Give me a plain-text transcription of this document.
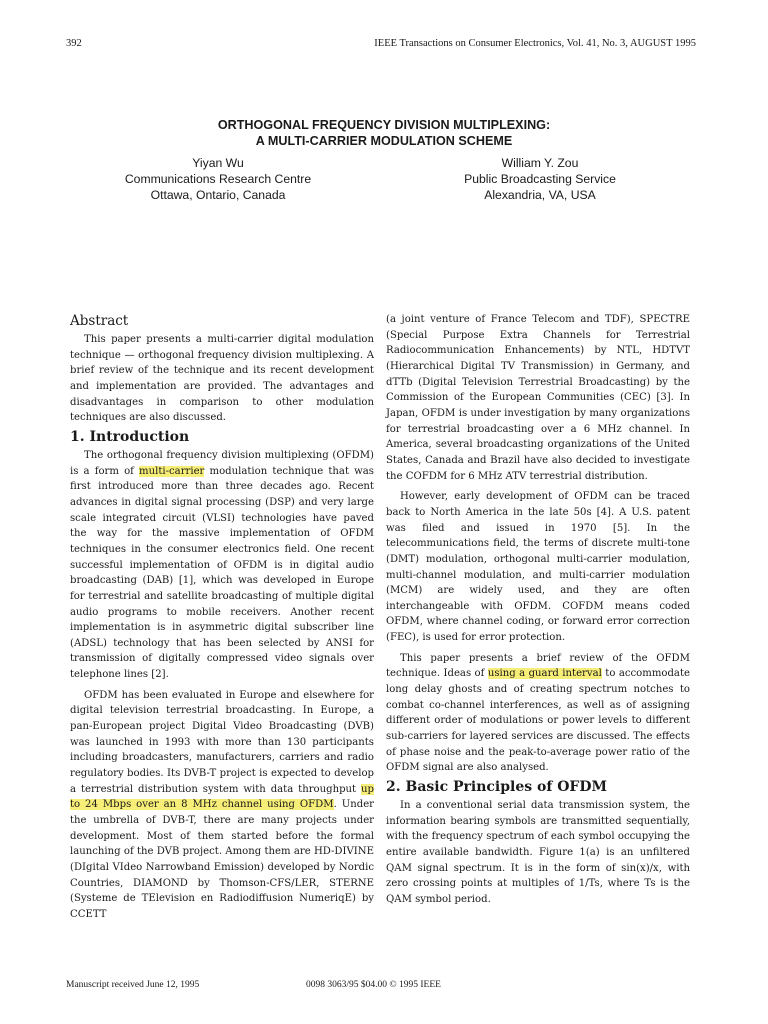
392	IEEE Transactions on Consumer Electronics, Vol. 41, No. 3, AUGUST 1995
ORTHOGONAL FREQUENCY DIVISION MULTIPLEXING:
A MULTI-CARRIER MODULATION SCHEME
Yiyan Wu
Communications Research Centre
Ottawa, Ontario, Canada
William Y. Zou
Public Broadcasting Service
Alexandria, VA, USA
Abstract

This paper presents a multi-carrier digital modulation technique — orthogonal frequency division multiplexing. A brief review of the technique and its recent development and implementation are provided. The advantages and disadvantages in comparison to other modulation techniques are also discussed.

1. Introduction

The orthogonal frequency division multiplexing (OFDM) is a form of multi-carrier modulation technique that was first introduced more than three decades ago. Recent advances in digital signal processing (DSP) and very large scale integrated circuit (VLSI) technologies have paved the way for the massive implementation of OFDM techniques in the consumer electronics field. One recent successful implementation of OFDM is in digital audio broadcasting (DAB) [1], which was developed in Europe for terrestrial and satellite broadcasting of multiple digital audio programs to mobile receivers. Another recent implementation is in asymmetric digital subscriber line (ADSL) technology that has been selected by ANSI for transmission of digitally compressed video signals over telephone lines [2].

OFDM has been evaluated in Europe and elsewhere for digital television terrestrial broadcasting. In Europe, a pan-European project Digital Video Broadcasting (DVB) was launched in 1993 with more than 130 participants including broadcasters, manufacturers, carriers and radio regulatory bodies. Its DVB-T project is expected to develop a terrestrial distribution system with data throughput up to 24 Mbps over an 8 MHz channel using OFDM. Under the umbrella of DVB-T, there are many projects under development. Most of them started before the formal launching of the DVB project. Among them are HD-DIVINE (DIgital VIdeo Narrowband Emission) developed by Nordic Countries, DIAMOND by Thomson-CFS/LER, STERNE (Systeme de TElevision en Radiodiffusion NumeriqE) by CCETT

(a joint venture of France Telecom and TDF), SPECTRE (Special Purpose Extra Channels for Terrestrial Radiocommunication Enhancements) by NTL, HDTVT (Hierarchical Digital TV Transmission) in Germany, and dTTb (Digital Television Terrestrial Broadcasting) by the Commission of the European Communities (CEC) [3]. In Japan, OFDM is under investigation by many organizations for terrestrial broadcasting over a 6 MHz channel. In America, several broadcasting organizations of the United States, Canada and Brazil have also decided to investigate the COFDM for 6 MHz ATV terrestrial distribution.

However, early development of OFDM can be traced back to North America in the late 50s [4]. A U.S. patent was filed and issued in 1970 [5]. In the telecommunications field, the terms of discrete multi-tone (DMT) modulation, orthogonal multi-carrier modulation, multi-channel modulation, and multi-carrier modulation (MCM) are widely used, and they are often interchangeable with OFDM. COFDM means coded OFDM, where channel coding, or forward error correction (FEC), is used for error protection.

This paper presents a brief review of the OFDM technique. Ideas of using a guard interval to accommodate long delay ghosts and of creating spectrum notches to combat co-channel interferences, as well as of assigning different order of modulations or power levels to different sub-carriers for layered services are discussed. The effects of phase noise and the peak-to-average power ratio of the OFDM signal are also analysed.

2. Basic Principles of OFDM

In a conventional serial data transmission system, the information bearing symbols are transmitted sequentially, with the frequency spectrum of each symbol occupying the entire available bandwidth. Figure 1(a) is an unfiltered QAM signal spectrum. It is in the form of sin(x)/x, with zero crossing points at multiples of 1/Ts, where Ts is the QAM symbol period.

Manuscript received June 12, 1995	0098 3063/95 $04.00 © 1995 IEEE
